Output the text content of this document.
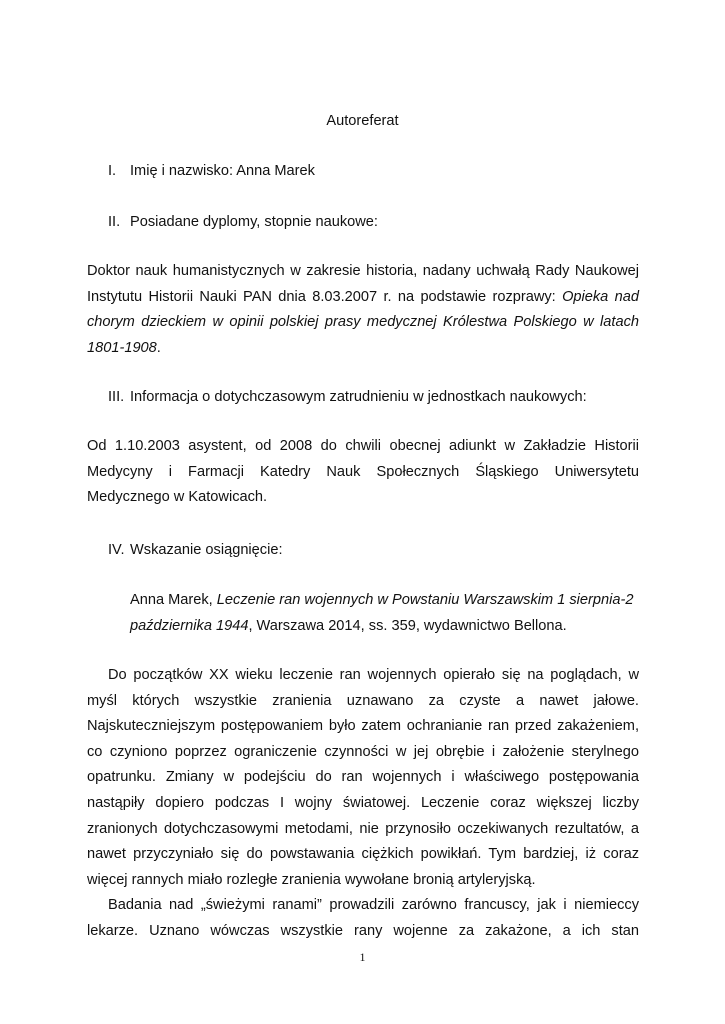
Autoreferat
I. Imię i nazwisko: Anna Marek
II. Posiadane dyplomy, stopnie naukowe:
Doktor nauk humanistycznych w zakresie historia, nadany uchwałą Rady Naukowej
Instytutu Historii Nauki PAN dnia 8.03.2007 r. na podstawie rozprawy: Opieka nad
chorym dzieckiem w opinii polskiej prasy medycznej Królestwa Polskiego w latach
1801-1908.
III. Informacja o dotychczasowym zatrudnieniu w jednostkach naukowych:
Od 1.10.2003 asystent, od 2008 do chwili obecnej adiunkt w Zakładzie Historii
Medycyny i Farmacji Katedry Nauk Społecznych Śląskiego Uniwersytetu
Medycznego w Katowicach.
IV. Wskazanie osiągnięcie:
Anna Marek, Leczenie ran wojennych w Powstaniu Warszawskim 1 sierpnia-2
października 1944, Warszawa 2014, ss. 359, wydawnictwo Bellona.
Do początków XX wieku leczenie ran wojennych opierało się na poglądach, w
myśl których wszystkie zranienia uznawano za czyste a nawet jałowe.
Najskuteczniejszym postępowaniem było zatem ochranianie ran przed zakażeniem,
co czyniono poprzez ograniczenie czynności w jej obrębie i założenie sterylnego
opatrunku. Zmiany w podejściu do ran wojennych i właściwego postępowania
nastąpiły dopiero podczas I wojny światowej. Leczenie coraz większej liczby
zranionych dotychczasowymi metodami, nie przynosiło oczekiwanych rezultatów, a
nawet przyczyniało się do powstawania ciężkich powikłań. Tym bardziej, iż coraz
więcej rannych miało rozległe zranienia wywołane bronią artyleryjską.
Badania nad „świeżymi ranami” prowadzili zarówno francuscy, jak i niemieccy
lekarze. Uznano wówczas wszystkie rany wojenne za zakażone, a ich stan
1
